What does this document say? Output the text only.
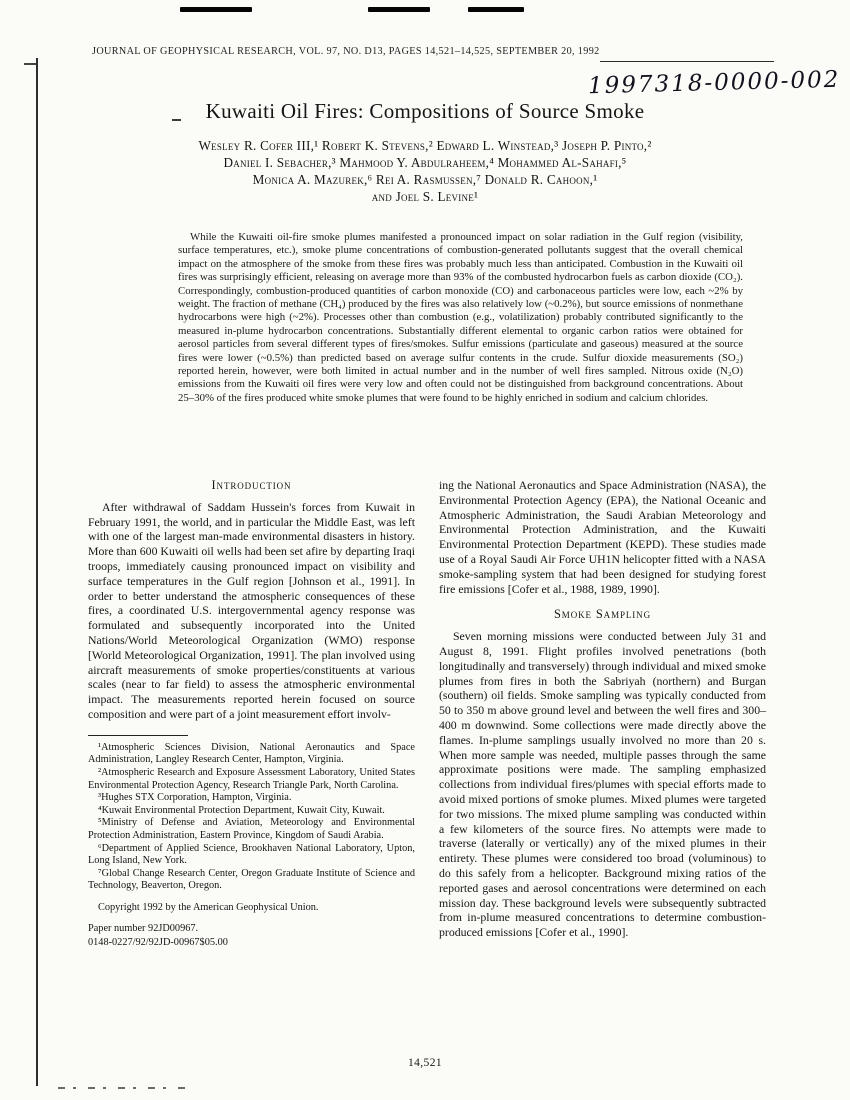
JOURNAL OF GEOPHYSICAL RESEARCH, VOL. 97, NO. D13, PAGES 14,521–14,525, SEPTEMBER 20, 1992
1997318-0000-002
Kuwaiti Oil Fires: Compositions of Source Smoke
Wesley R. Cofer III,¹ Robert K. Stevens,² Edward L. Winstead,³ Joseph P. Pinto,²
Daniel I. Sebacher,³ Mahmood Y. Abdulraheem,⁴ Mohammed Al-Sahafi,⁵
Monica A. Mazurek,⁶ Rei A. Rasmussen,⁷ Donald R. Cahoon,¹
and Joel S. Levine¹
While the Kuwaiti oil-fire smoke plumes manifested a pronounced impact on solar radiation in the Gulf region (visibility, surface temperatures, etc.), smoke plume concentrations of combustion-generated pollutants suggest that the overall chemical impact on the atmosphere of the smoke from these fires was probably much less than anticipated. Combustion in the Kuwaiti oil fires was surprisingly efficient, releasing on average more than 93% of the combusted hydrocarbon fuels as carbon dioxide (CO₂). Correspondingly, combustion-produced quantities of carbon monoxide (CO) and carbonaceous particles were low, each ~2% by weight. The fraction of methane (CH₄) produced by the fires was also relatively low (~0.2%), but source emissions of nonmethane hydrocarbons were high (~2%). Processes other than combustion (e.g., volatilization) probably contributed significantly to the measured in-plume hydrocarbon concentrations. Substantially different elemental to organic carbon ratios were obtained for aerosol particles from several different types of fires/smokes. Sulfur emissions (particulate and gaseous) measured at the source fires were lower (~0.5%) than predicted based on average sulfur contents in the crude. Sulfur dioxide measurements (SO₂) reported herein, however, were both limited in actual number and in the number of well fires sampled. Nitrous oxide (N₂O) emissions from the Kuwaiti oil fires were very low and often could not be distinguished from background concentrations. About 25–30% of the fires produced white smoke plumes that were found to be highly enriched in sodium and calcium chlorides.
Introduction

After withdrawal of Saddam Hussein's forces from Kuwait in February 1991, the world, and in particular the Middle East, was left with one of the largest man-made environmental disasters in history. More than 600 Kuwaiti oil wells had been set afire by departing Iraqi troops, immediately causing pronounced impact on visibility and surface temperatures in the Gulf region [Johnson et al., 1991]. In order to better understand the atmospheric consequences of these fires, a coordinated U.S. intergovernmental agency response was formulated and subsequently incorporated into the United Nations/World Meteorological Organization (WMO) response [World Meteorological Organization, 1991]. The plan involved using aircraft measurements of smoke properties/constituents at various scales (near to far field) to assess the atmospheric environmental impact. The measurements reported herein focused on source composition and were part of a joint measurement effort involv-

¹Atmospheric Sciences Division, National Aeronautics and Space Administration, Langley Research Center, Hampton, Virginia.

²Atmospheric Research and Exposure Assessment Laboratory, United States Environmental Protection Agency, Research Triangle Park, North Carolina.

³Hughes STX Corporation, Hampton, Virginia.

⁴Kuwait Environmental Protection Department, Kuwait City, Kuwait.

⁵Ministry of Defense and Aviation, Meteorology and Environmental Protection Administration, Eastern Province, Kingdom of Saudi Arabia.

⁶Department of Applied Science, Brookhaven National Laboratory, Upton, Long Island, New York.

⁷Global Change Research Center, Oregon Graduate Institute of Science and Technology, Beaverton, Oregon.

Copyright 1992 by the American Geophysical Union.

Paper number 92JD00967.

0148-0227/92/92JD-00967$05.00

ing the National Aeronautics and Space Administration (NASA), the Environmental Protection Agency (EPA), the National Oceanic and Atmospheric Administration, the Saudi Arabian Meteorology and Environmental Protection Administration, and the Kuwaiti Environmental Protection Department (KEPD). These studies made use of a Royal Saudi Air Force UH1N helicopter fitted with a NASA smoke-sampling system that had been designed for studying forest fire emissions [Cofer et al., 1988, 1989, 1990].

Smoke Sampling

Seven morning missions were conducted between July 31 and August 8, 1991. Flight profiles involved penetrations (both longitudinally and transversely) through individual and mixed smoke plumes from fires in both the Sabriyah (northern) and Burgan (southern) oil fields. Smoke sampling was typically conducted from 50 to 350 m above ground level and between the well fires and 300–400 m downwind. Some collections were made directly above the flames. In-plume samplings usually involved no more than 20 s. When more sample was needed, multiple passes through the same approximate positions were made. The sampling emphasized collections from individual fires/plumes with special efforts made to avoid mixed portions of smoke plumes. Mixed plumes were targeted for two missions. The mixed plume sampling was conducted within a few kilometers of the source fires. No attempts were made to traverse (laterally or vertically) any of the mixed plumes in their entirety. These plumes were considered too broad (voluminous) to do this safely from a helicopter. Background mixing ratios of the reported gases and aerosol concentrations were determined on each mission day. These background levels were subsequently subtracted from in-plume measured concentrations to determine combustion-produced emissions [Cofer et al., 1990].

14,521
